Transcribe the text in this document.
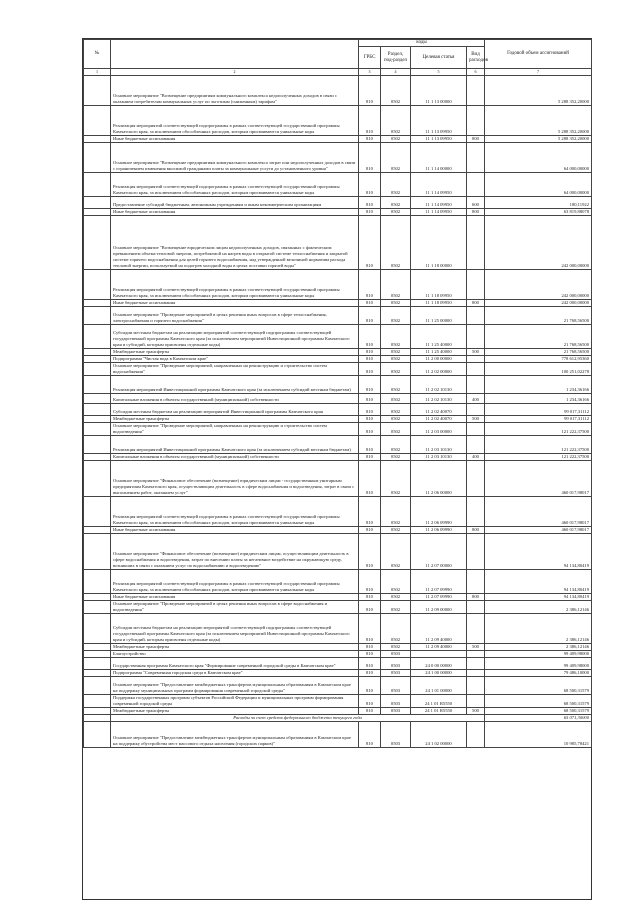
№		коды				Годовой объем ассигнований
		ГРБС	Раздел, под-раздел	Целевая статья	Вид расходов	
1	2	3	4	5	6	7
	Основное мероприятие "Возмещение предприятиям коммунального комплекса недополученных доходов в связи с оказанием потребителям коммунальных услуг по льготным (сниженным) тарифам"	810	0502	11 1 13 00000		5 288 352,20000
	Реализация мероприятий соответствующей подпрограммы в рамках соответствующей государственной программы Камчатского края, за исключением обособленных расходов, которым присваиваются уникальные коды	810	0502	11 1 13 09950		5 288 352,20000
	Иные бюджетные ассигнования	810	0502	11 1 13 09950	800	5 288 352,20000
	Основное мероприятие "Возмещение предприятиям коммунального комплекса затрат или недополученных доходов в связи с ограничением изменения вносимой гражданами платы за коммунальные услуги до установленного уровня"	810	0502	11 1 14 00000		64 000,00000
	Реализация мероприятий соответствующей подпрограммы в рамках соответствующей государственной программы Камчатского края, за исключением обособленных расходов, которым присваиваются уникальные коды	810	0502	11 1 14 09950		64 000,00000
	Предоставление субсидий бюджетным, автономным учреждениям и иным некоммерческим организациям	810	0502	11 1 14 09950	600	180,11922
	Иные бюджетные ассигнования	810	0502	11 1 14 09950	800	63 819,88078
	Основное мероприятие "Возмещение юридическим лицам недополученных доходов, связанных с фактическим превышением объема тепловой энергии, потребляемой на нагрев воды в открытой системе теплоснабжения и закрытой системе горячего водоснабжения для целей горячего водоснабжения, над утвержденной величиной норматива расхода тепловой энергии, используемой на подогрев холодной воды в целях поставки горячей воды"	810	0502	11 1 18 00000		242 000,00000
	Реализация мероприятий соответствующей подпрограммы в рамках соответствующей государственной программы Камчатского края, за исключением обособленных расходов, которым присваиваются уникальные коды	810	0502	11 1 18 09950		242 000,00000
	Иные бюджетные ассигнования	810	0502	11 1 18 09950	800	242 000,00000
	Основное мероприятие "Проведение мероприятий в целях решения иных вопросов в сфере теплоснабжения, электроснабжения и горячего водоснабжения"	810	0502	11 1 25 00000		21 768,56500
	Субсидии местным бюджетам на реализацию мероприятий соответствующей подпрограммы соответствующей государственной программы Камчатского края (за исключением мероприятий Инвестиционной программы Камчатского края и субсидий, которым присвоены отдельные коды)	810	0502	11 1 25 40000		21 768,56500
	Межбюджетные трансферты	810	0502	11 1 25 40000	500	21 768,56500
	Подпрограмма "Чистая вода в Камчатском крае"	810	0502	11 2 00 00000		778 612,95360
	Основное мероприятие "Проведение мероприятий, направленных на реконструкцию и строительство систем водоснабжения"	810	0502	11 2 02 00000		100 251,02278
	Реализация мероприятий Инвестиционной программы Камчатского края (за исключением субсидий местным бюджетам)	810	0502	11 2 02 10130		1 234,36166
	Капитальные вложения в объекты государственной (муниципальной) собственности	810	0502	11 2 02 10130	400	1 234,36166
	Субсидии местным бюджетам на реализацию мероприятий Инвестиционной программы Камчатского края	810	0502	11 2 02 40070		99 017,31112
	Межбюджетные трансферты	810	0502	11 2 02 40070	500	99 017,31112
	Основное мероприятие "Проведение мероприятий, направленных на реконструкцию и строительство систем водоотведения"	810	0502	11 2 03 00000		121 222,37500
	Реализация мероприятий Инвестиционной программы Камчатского края (за исключением субсидий местным бюджетам)	810	0502	11 2 03 10130		121 222,37500
	Капитальные вложения в объекты государственной (муниципальной) собственности	810	0502	11 2 03 10130	400	121 222,37500
	Основное мероприятие "Финансовое обеспечение (возмещение) юридическим лицам - государственным унитарным предприятиям Камчатского края, осуществляющим деятельность в сфере водоснабжения и водоотведения, затрат в связи с выполнением работ, оказанием услуг"	810	0502	11 2 06 00000		460 017,98017
	Реализация мероприятий соответствующей подпрограммы в рамках соответствующей государственной программы Камчатского края, за исключением обособленных расходов, которым присваиваются уникальные коды	810	0502	11 2 06 09990		460 017,98017
	Иные бюджетные ассигнования	810	0502	11 2 06 09990	800	460 017,98017
	Основное мероприятие "Финансовое обеспечение (возмещение) юридическим лицам, осуществляющим деятельность в сфере водоснабжения и водоотведения, затрат по внесению платы за негативное воздействие на окружающую среду, возникших в связи с оказанием услуг по водоснабжению и водоотведению"	810	0502	11 2 07 00000		94 134,80419
	Реализация мероприятий соответствующей подпрограммы в рамках соответствующей государственной программы Камчатского края, за исключением обособленных расходов, которым присваиваются уникальные коды	810	0502	11 2 07 09990		94 134,80419
	Иные бюджетные ассигнования	810	0502	11 2 07 09990	800	94 134,80419
	Основное мероприятие "Проведение мероприятий в целях решения иных вопросов в сфере водоснабжения и водоотведения"	810	0502	11 2 09 00000		2 386,12146
	Субсидии местным бюджетам на реализацию мероприятий соответствующей подпрограммы соответствующей государственной программы Камчатского края (за исключением мероприятий Инвестиционной программы Камчатского края и субсидий, которым присвоены отдельные коды)	810	0502	11 2 09 40000		2 386,12146
	Межбюджетные трансферты	810	0502	11 2 09 40000	500	2 386,12146
	Благоустройство	810	0503			99 409,98000
	Государственная программа Камчатского края "Формирование современной городской среды в Камчатском крае"	810	0503	24 0 00 00000		99 409,98000
	Подпрограмма "Современная городская среда в Камчатском крае"	810	0503	24 1 00 00000		79 486,10000
	Основное мероприятие "Предоставление межбюджетных трансфертов муниципальным образованиям в Камчатском крае на поддержку муниципальных программ формирования современной городской среды"	810	0503	24 1 01 00000		68 500,31579
	Поддержка государственных программ субъектов Российской Федерации и муниципальных программ формирования современной городской среды	810	0503	24 1 01 R5550		68 500,31579
	Межбюджетные трансферты	810	0503	24 1 01 R5550	500	68 500,31579
	Расходы за счет средств федерального бюджета текущего года					65 071,30000
	Основное мероприятие "Предоставление межбюджетных трансфертов муниципальным образованиям в Камчатском крае на поддержку обустройства мест массового отдыха населения (городских парков)"	810	0503	24 1 02 00000		10 985,78421
